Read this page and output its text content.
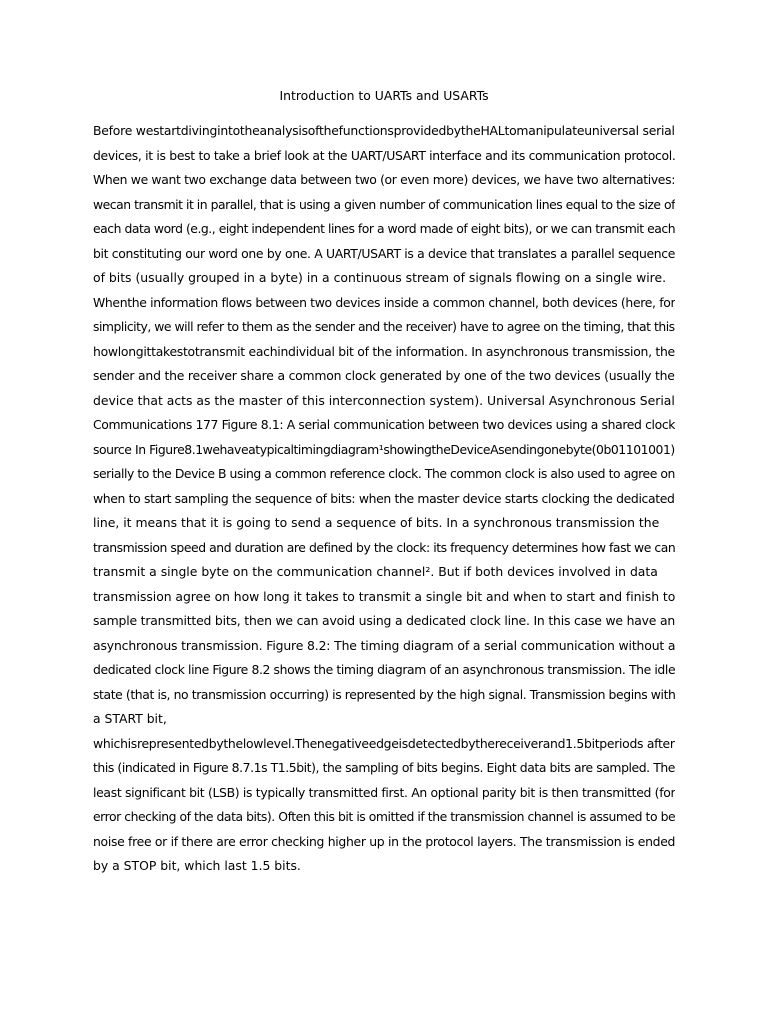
Introduction to UARTs and USARTs
Before westartdivingintotheanalysisofthefunctionsprovidedbytheHALtomanipulateuniversal serial
devices, it is best to take a brief look at the UART/USART interface and its communication protocol.
When we want two exchange data between two (or even more) devices, we have two alternatives:
wecan transmit it in parallel, that is using a given number of communication lines equal to the size of
each data word (e.g., eight independent lines for a word made of eight bits), or we can transmit each
bit constituting our word one by one. A UART/USART is a device that translates a parallel sequence
of bits (usually grouped in a byte) in a continuous stream of signals flowing on a single wire.
Whenthe information flows between two devices inside a common channel, both devices (here, for
simplicity, we will refer to them as the sender and the receiver) have to agree on the timing, that this
howlongittakestotransmit eachindividual bit of the information. In asynchronous transmission, the
sender and the receiver share a common clock generated by one of the two devices (usually the
device that acts as the master of this interconnection system). Universal Asynchronous Serial
Communications 177 Figure 8.1: A serial communication between two devices using a shared clock
source In Figure8.1wehaveatypicaltimingdiagram¹showingtheDeviceAsendingonebyte(0b01101001)
serially to the Device B using a common reference clock. The common clock is also used to agree on
when to start sampling the sequence of bits: when the master device starts clocking the dedicated
line, it means that it is going to send a sequence of bits. In a synchronous transmission the
transmission speed and duration are defined by the clock: its frequency determines how fast we can
transmit a single byte on the communication channel². But if both devices involved in data
transmission agree on how long it takes to transmit a single bit and when to start and finish to
sample transmitted bits, then we can avoid using a dedicated clock line. In this case we have an
asynchronous transmission. Figure 8.2: The timing diagram of a serial communication without a
dedicated clock line Figure 8.2 shows the timing diagram of an asynchronous transmission. The idle
state (that is, no transmission occurring) is represented by the high signal. Transmission begins with
a START bit,
whichisrepresentedbythelowlevel.Thenegativeedgeisdetectedbythereceiverand1.5bitperiods after
this (indicated in Figure 8.7.1s T1.5bit), the sampling of bits begins. Eight data bits are sampled. The
least significant bit (LSB) is typically transmitted first. An optional parity bit is then transmitted (for
error checking of the data bits). Often this bit is omitted if the transmission channel is assumed to be
noise free or if there are error checking higher up in the protocol layers. The transmission is ended
by a STOP bit, which last 1.5 bits.
